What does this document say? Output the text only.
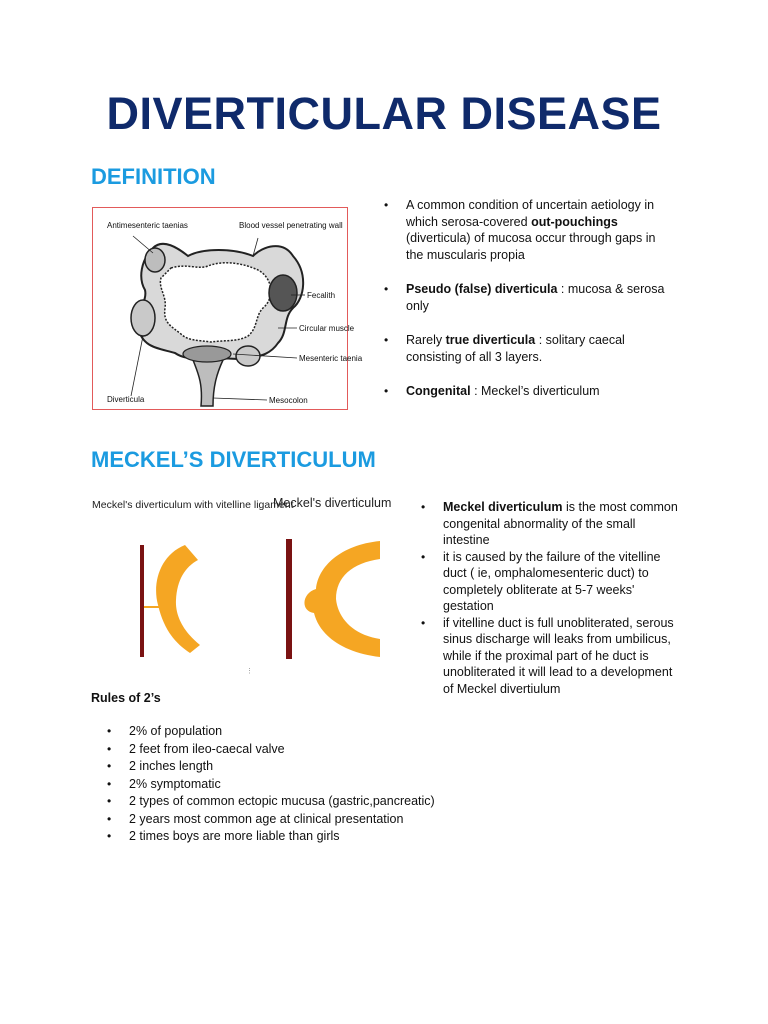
DIVERTICULAR DISEASE
DEFINITION
Antimesenteric taenias	Blood vessel penetrating wall
Fecalith
Circular muscle
Mesenteric taenia
Diverticula	Mesocolon
• A common condition of uncertain aetiology in which serosa-covered out-pouchings (diverticula) of mucosa occur through gaps in the muscularis propia
• Pseudo (false) diverticula : mucosa & serosa only
• Rarely true diverticula : solitary caecal consisting of all 3 layers.
• Congenital : Meckel’s diverticulum
MECKEL’S DIVERTICULUM
Meckel's diverticulum with vitelline ligament
Meckel's diverticulum
⋮
• Meckel diverticulum is the most common congenital abnormality of the small intestine
• it is caused by the failure of the vitelline duct ( ie, omphalomesenteric duct) to completely obliterate at 5-7 weeks' gestation
• if vitelline duct is full unobliterated, serous sinus discharge will leaks from umbilicus, while if the proximal part of he duct is unobliterated it will lead to a development of Meckel divertiulum
Rules of 2’s
• 2% of population
• 2 feet from ileo-caecal valve
• 2 inches length
• 2% symptomatic
• 2 types of common ectopic mucusa (gastric,pancreatic)
• 2 years most common age at clinical presentation
• 2 times boys are more liable than girls
